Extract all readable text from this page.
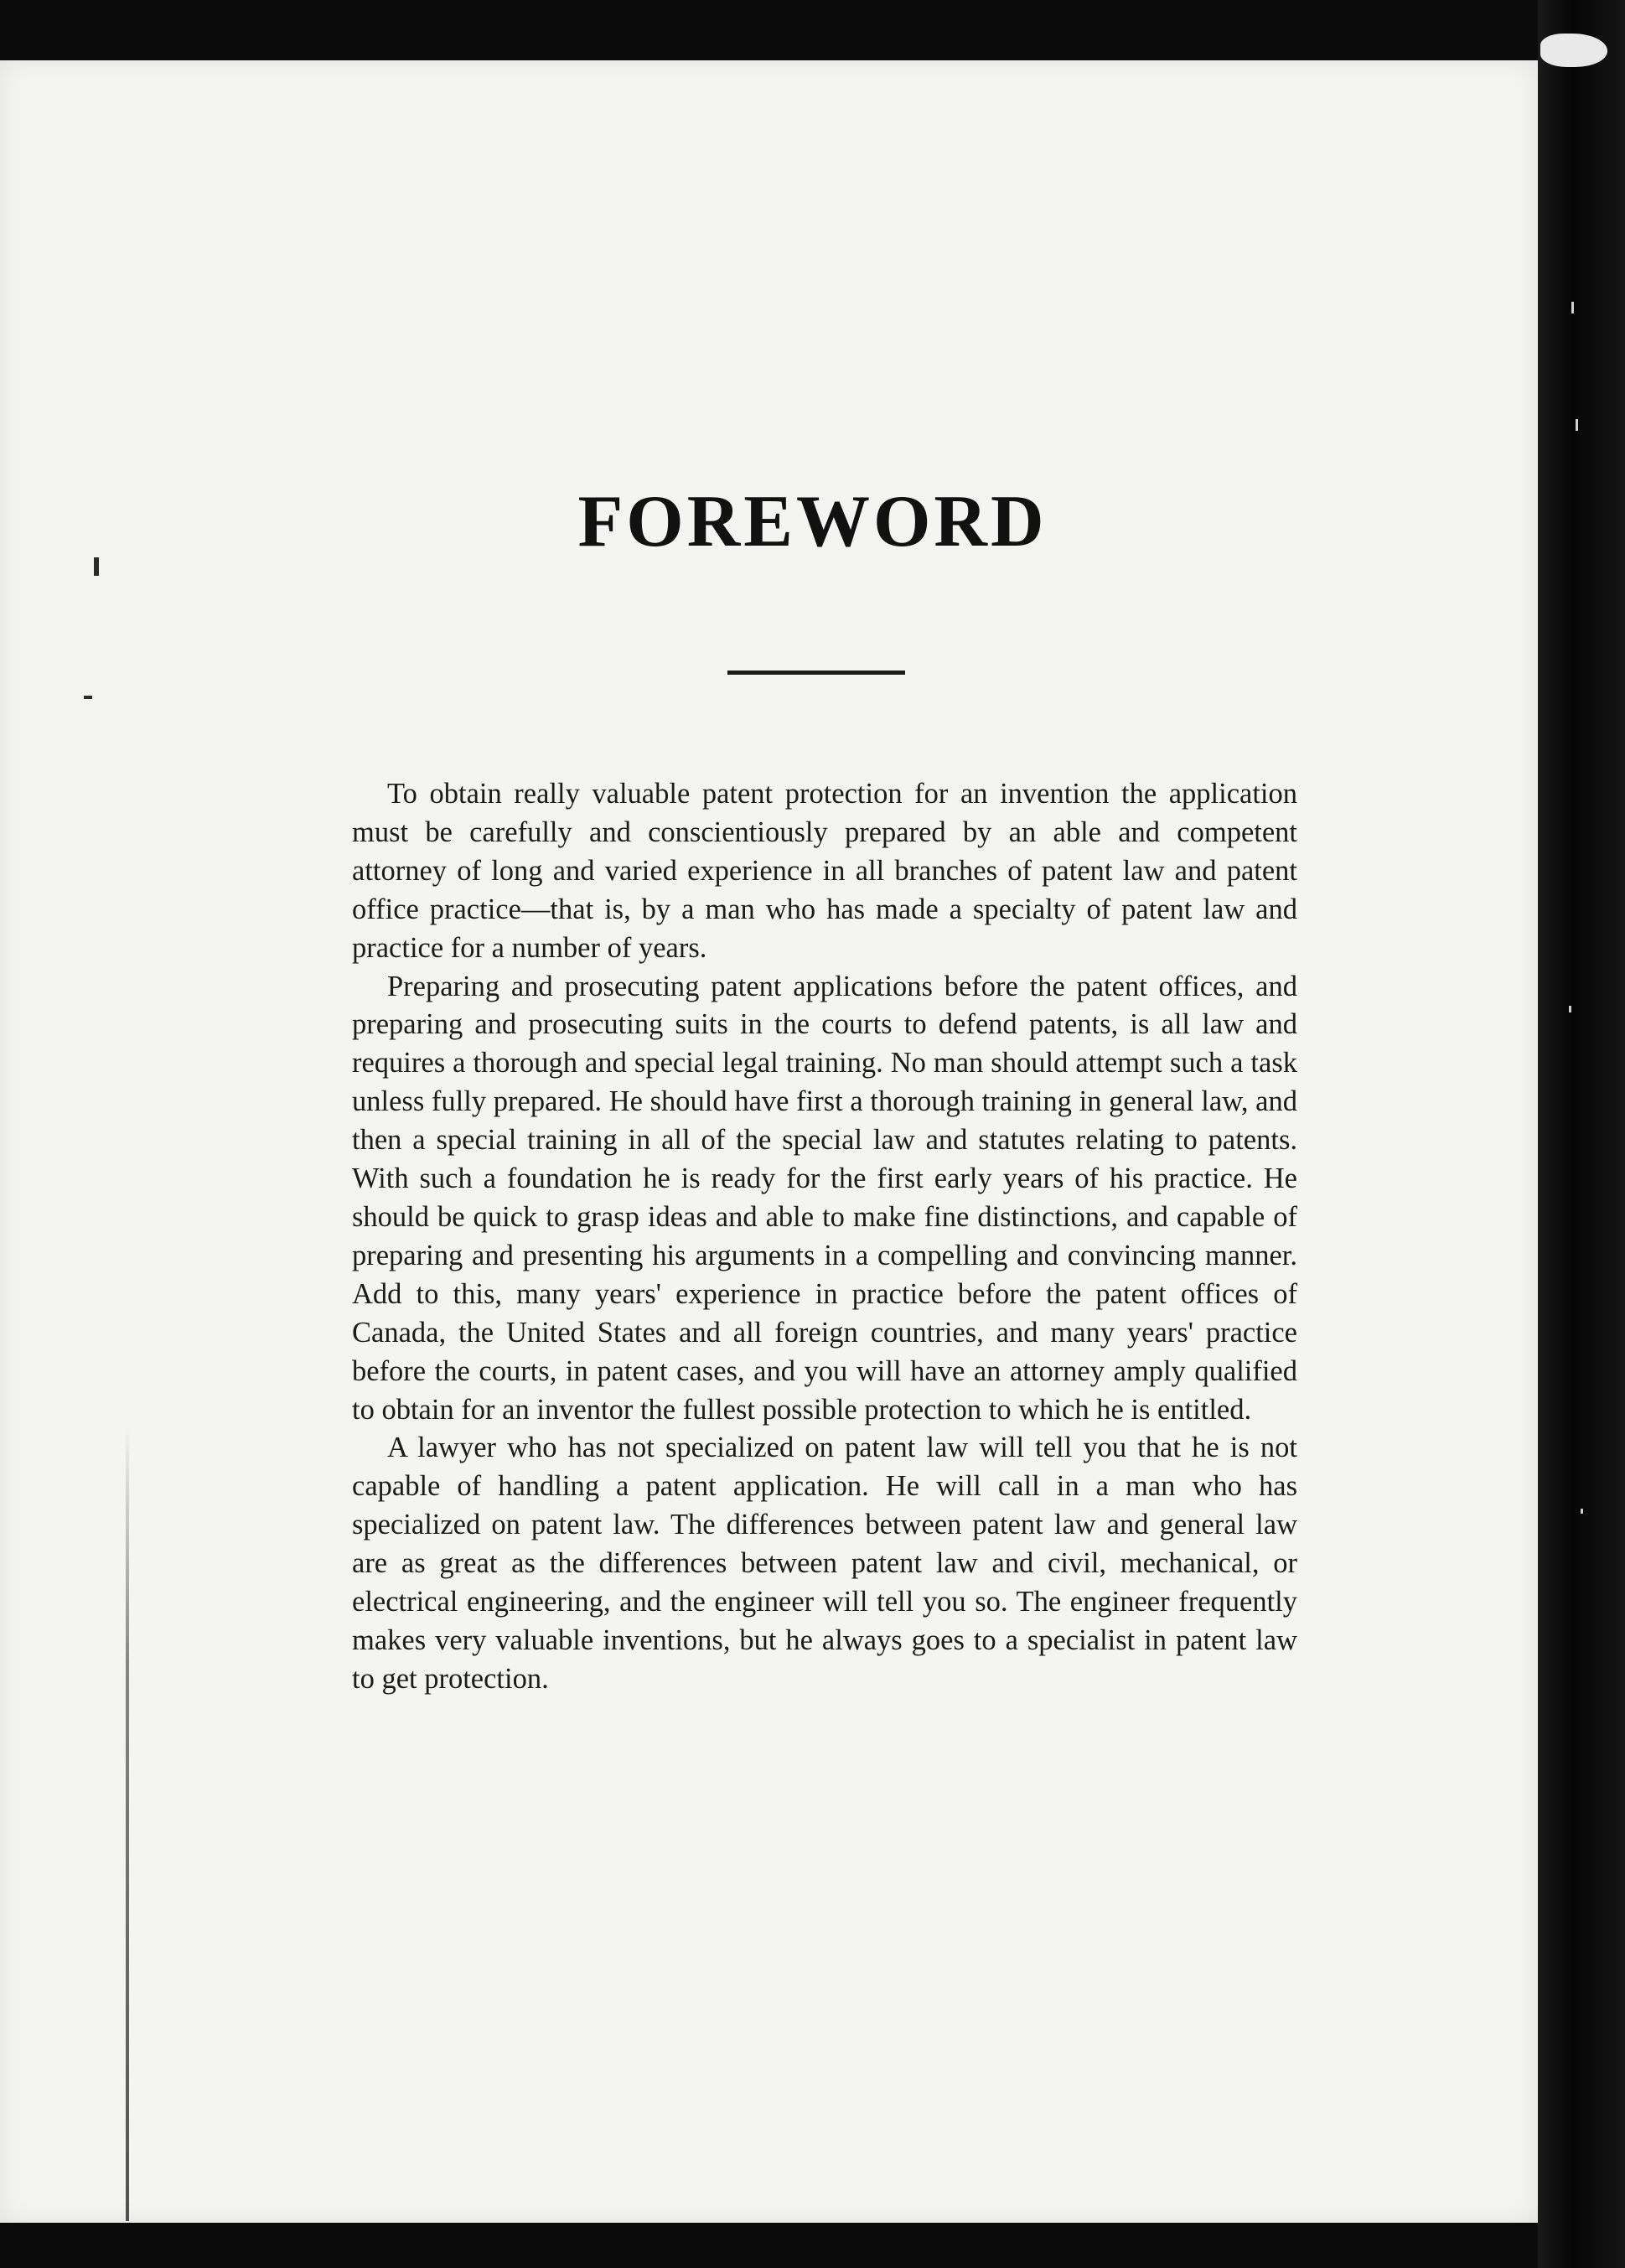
FOREWORD

To obtain really valuable patent protection for an invention the application must be carefully and conscientiously prepared by an able and competent attorney of long and varied experience in all branches of patent law and patent office practice—that is, by a man who has made a specialty of patent law and practice for a number of years.

Preparing and prosecuting patent applications before the patent offices, and preparing and prosecuting suits in the courts to defend patents, is all law and requires a thorough and special legal training. No man should attempt such a task unless fully prepared. He should have first a thorough training in general law, and then a special training in all of the special law and statutes relating to patents. With such a foundation he is ready for the first early years of his practice. He should be quick to grasp ideas and able to make fine distinctions, and capable of preparing and presenting his arguments in a compelling and convincing manner. Add to this, many years' experience in practice before the patent offices of Canada, the United States and all foreign countries, and many years' practice before the courts, in patent cases, and you will have an attorney amply qualified to obtain for an inventor the fullest possible protection to which he is entitled.

A lawyer who has not specialized on patent law will tell you that he is not capable of handling a patent application. He will call in a man who has specialized on patent law. The differences between patent law and general law are as great as the differences between patent law and civil, mechanical, or electrical engineering, and the engineer will tell you so. The engineer frequently makes very valuable inventions, but he always goes to a specialist in patent law to get protection.
